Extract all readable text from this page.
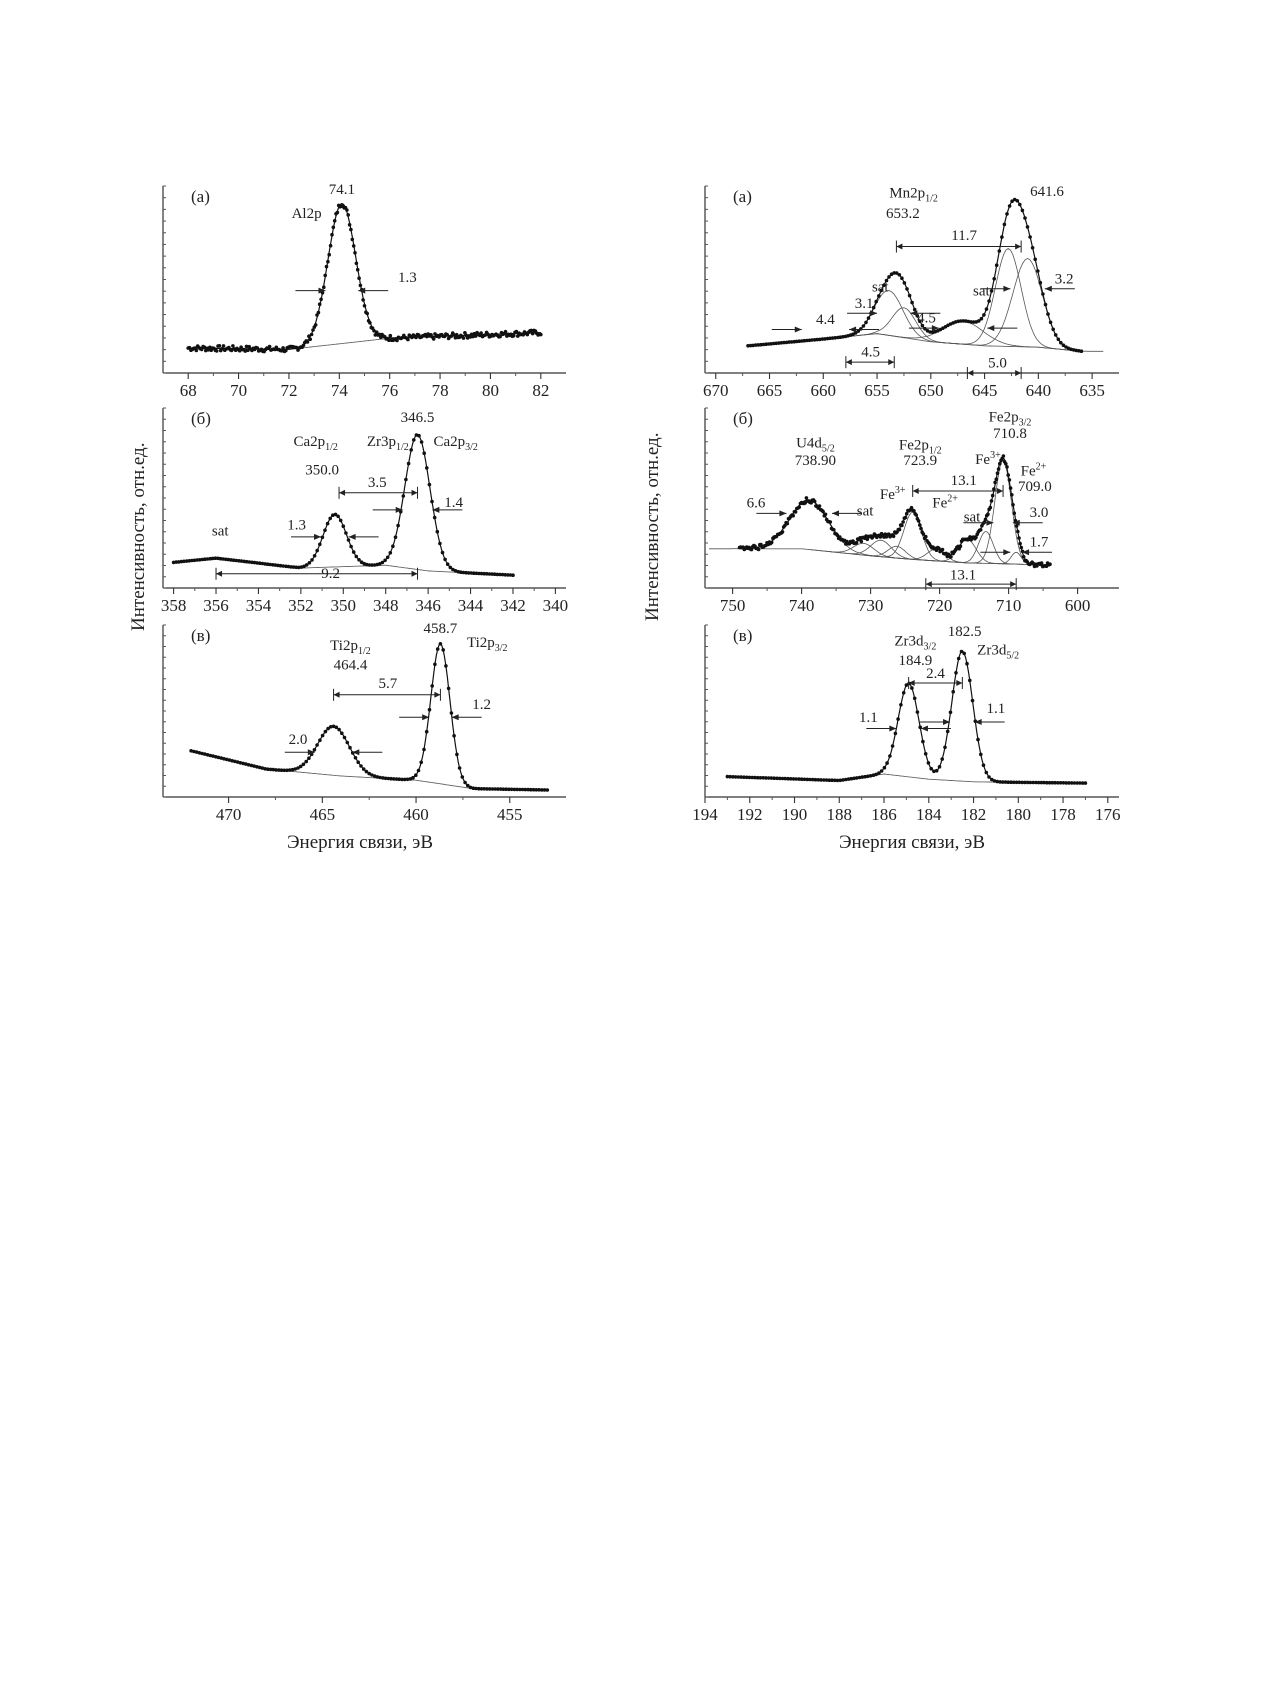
68 70 72 74 76 78 80 82
(а)	74.1
Al2p
1.3
358 356 354 352 350 348 346 344 342 340
(б)	346.5
$Ca2p_{1/2}$ $Zr3p_{1/2}$ $Ca2p_{3/2}$
350.0
3.5
1.4
1.3
sat
9.2
470	465	460	455
(в)	458.7
$Ti2p_{1/2}$
$Ti2p_{3/2}$
464.4
5.7
1.2
2.0
670 665 660 655 650 645 640 635
(а)	641.6
$Mn2p_{1/2}$
653.2
11.7
sat	sat
3.2
3.1
4.4	4.5
4.5
5.0
750	740	730	720	710	600
(б)	$Fe2p_{3/2}$
710.8
$U4d_{5/2}$
738.90
$Fe2p_{1/2}$
723.9	$Fe^{3+}$
$Fe^{2+}$
709.0
13.1
$Fe^{3+}$
$Fe^{2+}$
6.6
sat	sat	3.0
1.7
13.1
194 192 190 188 186 184 182 180 178 176
(в)	182.5
$Zr3d_{3/2}$	$Zr3d_{5/2}$
184.9
2.4
1.1
1.1
Интенсивность, отн.ед.	Интенсивность, отн.ед.
Энергия связи, эВ	Энергия связи, эВ
